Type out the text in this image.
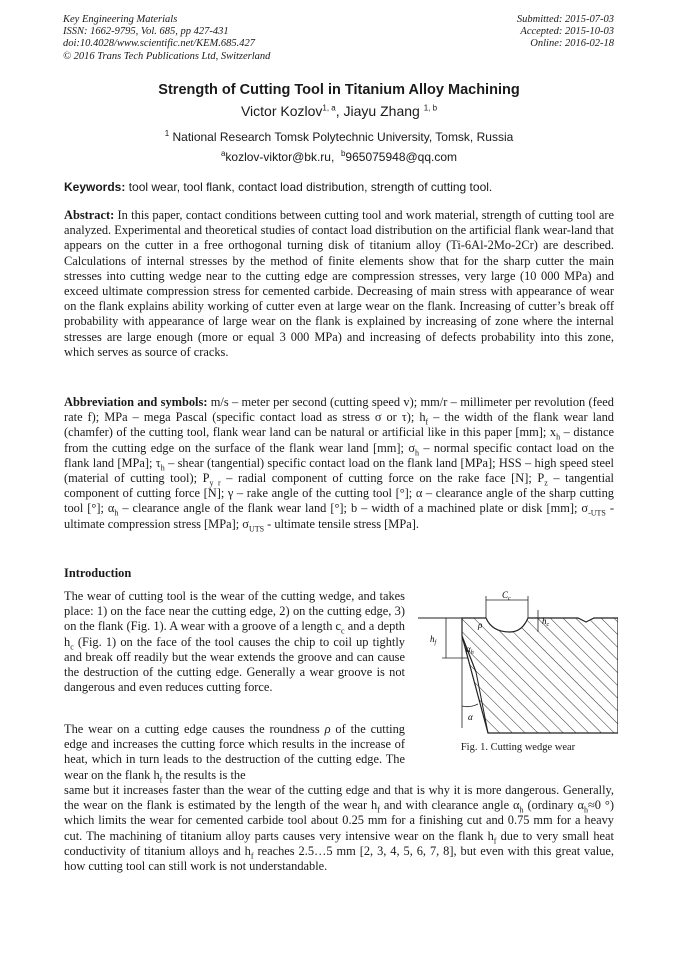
Key Engineering Materials
ISSN: 1662-9795, Vol. 685, pp 427-431
doi:10.4028/www.scientific.net/KEM.685.427
© 2016 Trans Tech Publications Ltd, Switzerland
Submitted: 2015-07-03
Accepted: 2015-10-03
Online: 2016-02-18
Strength of Cutting Tool in Titanium Alloy Machining
Victor Kozlov$^{1, a}$, Jiayu Zhang $^{1, b}$
$^1$ National Research Tomsk Polytechnic University, Tomsk, Russia
$^a$kozlov-viktor@bk.ru, $^b$965075948@qq.com
Keywords: tool wear, tool flank, contact load distribution, strength of cutting tool.

Abstract: In this paper, contact conditions between cutting tool and work material, strength of cutting tool are analyzed. Experimental and theoretical studies of contact load distribution on the artificial flank wear-land that appears on the cutter in a free orthogonal turning disk of titanium alloy (Ti-6Al-2Mo-2Cr) are described. Calculations of internal stresses by the method of finite elements show that for the sharp cutter the main stresses into cutting wedge near to the cutting edge are compression stresses, very large (10 000 MPa) and exceed ultimate compression stress for cemented carbide. Decreasing of main stress with appearance of wear on the flank explains ability working of cutter even at large wear on the flank. Increasing of cutter’s break off probability with appearance of large wear on the flank is explained by increasing of zone where the internal stresses are large enough (more or equal 3 000 MPa) and increasing of defects probability into this zone, which serves as source of cracks.

Abbreviation and symbols: m/s – meter per second (cutting speed v); mm/r – millimeter per revolution (feed rate f); MPa – mega Pascal (specific contact load as stress σ or τ); $h_f$ – the width of the flank wear land (chamfer) of the cutting tool, flank wear land can be natural or artificial like in this paper [mm]; $x_h$ – distance from the cutting edge on the surface of the flank wear land [mm]; $\sigma_h$ – normal specific contact load on the flank land [MPa]; $\tau_h$ – shear (tangential) specific contact load on the flank land [MPa]; HSS – high speed steel (material of cutting tool); $P_{y r}$ – radial component of cutting force on the rake face [N]; $P_z$ – tangential component of cutting force [N]; γ – rake angle of the cutting tool [°]; α – clearance angle of the sharp cutting tool [°]; $\alpha_h$ – clearance angle of the flank wear land [°]; b – width of a machined plate or disk [mm]; $\sigma_{-UTS}$ - ultimate compression stress [MPa]; $\sigma_{UTS}$ - ultimate tensile stress [MPa].

Introduction

The wear of cutting tool is the wear of the cutting wedge, and takes place: 1) on the face near the cutting edge, 2) on the cutting edge, 3) on the flank (Fig. 1). A wear with a groove of a length $c_c$ and a depth $h_c$ (Fig. 1) on the face of the tool causes the chip to coil up tightly and break off readily but the wear extends the groove and can cause the destruction of the cutting edge. Generally a wear groove is not dangerous and even reduces cutting force.

The wear on a cutting edge causes the roundness ρ of the cutting edge and increases the cutting force which results in the increase of heat, which in turn leads to the destruction of the cutting edge. The wear on the flank $h_f$ the results is the

same but it increases faster than the wear of the cutting edge and that is why it is more dangerous. Generally, the wear on the flank is estimated by the length of the wear $h_f$ and with clearance angle $\alpha_h$ (ordinary $\alpha_h\approx 0$ °) which limits the wear for cemented carbide tool about 0.25 mm for a finishing cut and 0.75 mm for a heavy cut. The machining of titanium alloy parts causes very intensive wear on the flank $h_f$ due to very small heat conductivity of titanium alloys and $h_f$ reaches 2.5…5 mm [2, 3, 4, 5, 6, 7, 8], but even with this great value, how cutting tool can still work is not understandable.

$C_c$
$h_c$
$h_f$
ρ
$\alpha_h$
α
Fig. 1. Cutting wedge wear
